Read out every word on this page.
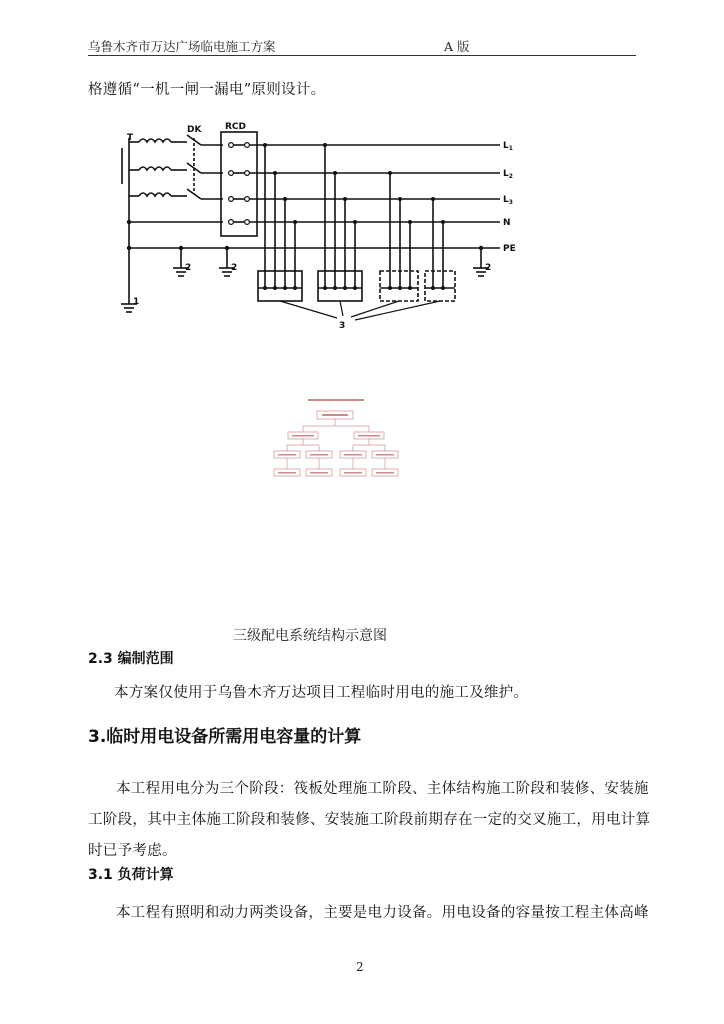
乌鲁木齐市万达广场临电施工方案	A 版
格遵循“一机一闸一漏电”原则设计。
T
DK	RCD
$L_1$
$L_2$
$L_3$
N
PE
1
2	2	2
3
三级配电系统结构示意图
2.3 编制范围
本方案仅使用于乌鲁木齐万达项目工程临时用电的施工及维护。
3.临时用电设备所需用电容量的计算
本工程用电分为三个阶段：筏板处理施工阶段、主体结构施工阶段和装修、安装施
工阶段，其中主体施工阶段和装修、安装施工阶段前期存在一定的交叉施工，用电计算
时已予考虑。
3.1 负荷计算
本工程有照明和动力两类设备，主要是电力设备。用电设备的容量按工程主体高峰
2
